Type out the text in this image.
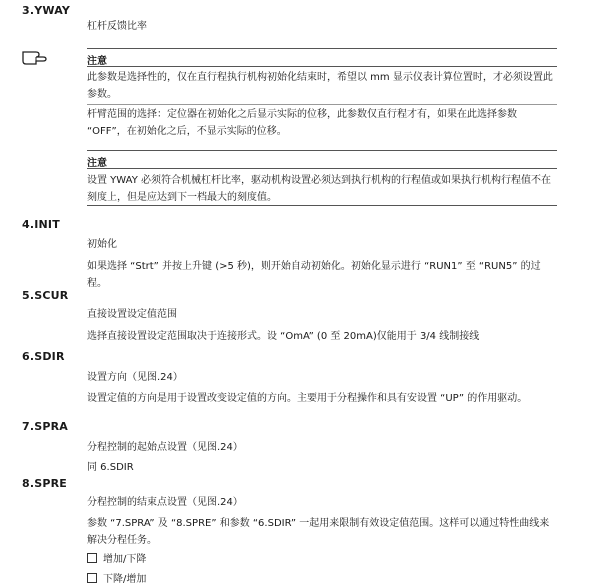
3.YWAY
杠杆反馈比率
注意
此参数是选择性的，仅在直行程执行机构初始化结束时，希望以 mm 显示仪表计算位置时，才必须设置此参数。
杆臂范围的选择：定位器在初始化之后显示实际的位移，此参数仅直行程才有，如果在此选择参数 “OFF”，在初始化之后，不显示实际的位移。
注意
设置 YWAY 必须符合机械杠杆比率，驱动机构设置必须达到执行机构的行程值或如果执行机构行程值不在刻度上，但是应达到下一档最大的刻度值。
4.INIT
初始化
如果选择 “Strt” 并按上升键 (>5 秒)，则开始自动初始化。初始化显示进行 “RUN1” 至 “RUN5” 的过程。
5.SCUR
直接设置设定值范围
选择直接设置设定范围取决于连接形式。设 “OmA” (0 至 20mA)仅能用于 3/4 线制接线
6.SDIR
设置方向（见图.24）
设置定值的方向是用于设置改变设定值的方向。主要用于分程操作和具有安设置 “UP” 的作用驱动。
7.SPRA
分程控制的起始点设置（见图.24）
同 6.SDIR
8.SPRE
分程控制的结束点设置（见图.24）
参数 “7.SPRA” 及 “8.SPRE” 和参数 “6.SDIR” 一起用来限制有效设定值范围。这样可以通过特性曲线来解决分程任务。
增加/下降
下降/增加
